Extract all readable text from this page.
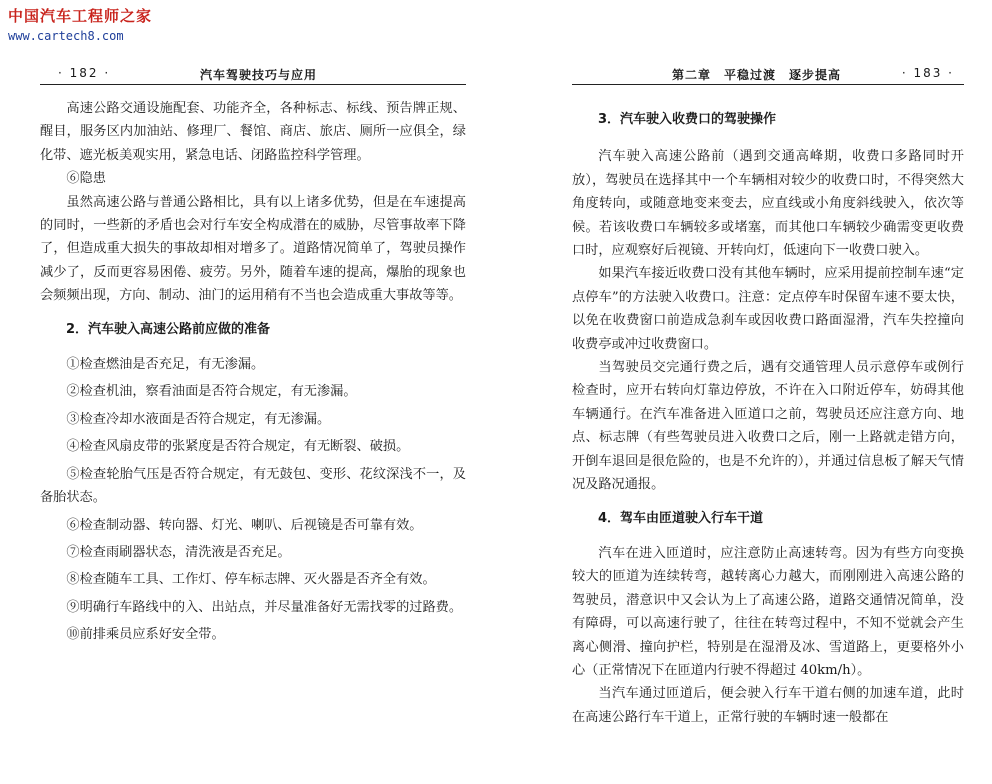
中国汽车工程师之家
www.cartech8.com
· 182 ·	汽车驾驶技巧与应用

高速公路交通设施配套、功能齐全，各种标志、标线、预告牌正规、醒目，服务区内加油站、修理厂、餐馆、商店、旅店、厕所一应俱全，绿化带、遮光板美观实用，紧急电话、闭路监控科学管理。

⑥隐患

虽然高速公路与普通公路相比，具有以上诸多优势，但是在车速提高的同时，一些新的矛盾也会对行车安全构成潜在的威胁，尽管事故率下降了，但造成重大损失的事故却相对增多了。道路情况简单了，驾驶员操作减少了，反而更容易困倦、疲劳。另外，随着车速的提高，爆胎的现象也会频频出现，方向、制动、油门的运用稍有不当也会造成重大事故等等。

2．汽车驶入高速公路前应做的准备

①检查燃油是否充足，有无渗漏。

②检查机油，察看油面是否符合规定，有无渗漏。

③检查冷却水液面是否符合规定，有无渗漏。

④检查风扇皮带的张紧度是否符合规定，有无断裂、破损。

⑤检查轮胎气压是否符合规定，有无鼓包、变形、花纹深浅不一，及备胎状态。

⑥检查制动器、转向器、灯光、喇叭、后视镜是否可靠有效。

⑦检查雨刷器状态，清洗液是否充足。

⑧检查随车工具、工作灯、停车标志牌、灭火器是否齐全有效。

⑨明确行车路线中的入、出站点，并尽量准备好无需找零的过路费。

⑩前排乘员应系好安全带。

第二章　平稳过渡　逐步提高	· 183 ·
3．汽车驶入收费口的驾驶操作

汽车驶入高速公路前（遇到交通高峰期，收费口多路同时开放），驾驶员在选择其中一个车辆相对较少的收费口时，不得突然大角度转向，或随意地变来变去，应直线或小角度斜线驶入，依次等候。若该收费口车辆较多或堵塞，而其他口车辆较少确需变更收费口时，应观察好后视镜、开转向灯，低速向下一收费口驶入。

如果汽车接近收费口没有其他车辆时，应采用提前控制车速“定点停车”的方法驶入收费口。注意：定点停车时保留车速不要太快，以免在收费窗口前造成急刹车或因收费口路面湿滑，汽车失控撞向收费亭或冲过收费窗口。

当驾驶员交完通行费之后，遇有交通管理人员示意停车或例行检查时，应开右转向灯靠边停放，不许在入口附近停车，妨碍其他车辆通行。在汽车准备进入匝道口之前，驾驶员还应注意方向、地点、标志牌（有些驾驶员进入收费口之后，刚一上路就走错方向，开倒车退回是很危险的，也是不允许的），并通过信息板了解天气情况及路况通报。

4．驾车由匝道驶入行车干道

汽车在进入匝道时，应注意防止高速转弯。因为有些方向变换较大的匝道为连续转弯，越转离心力越大，而刚刚进入高速公路的驾驶员，潜意识中又会认为上了高速公路，道路交通情况简单，没有障碍，可以高速行驶了，往往在转弯过程中，不知不觉就会产生离心侧滑、撞向护栏，特别是在湿滑及冰、雪道路上，更要格外小心（正常情况下在匝道内行驶不得超过 40km/h）。

当汽车通过匝道后，便会驶入行车干道右侧的加速车道，此时在高速公路行车干道上，正常行驶的车辆时速一般都在
